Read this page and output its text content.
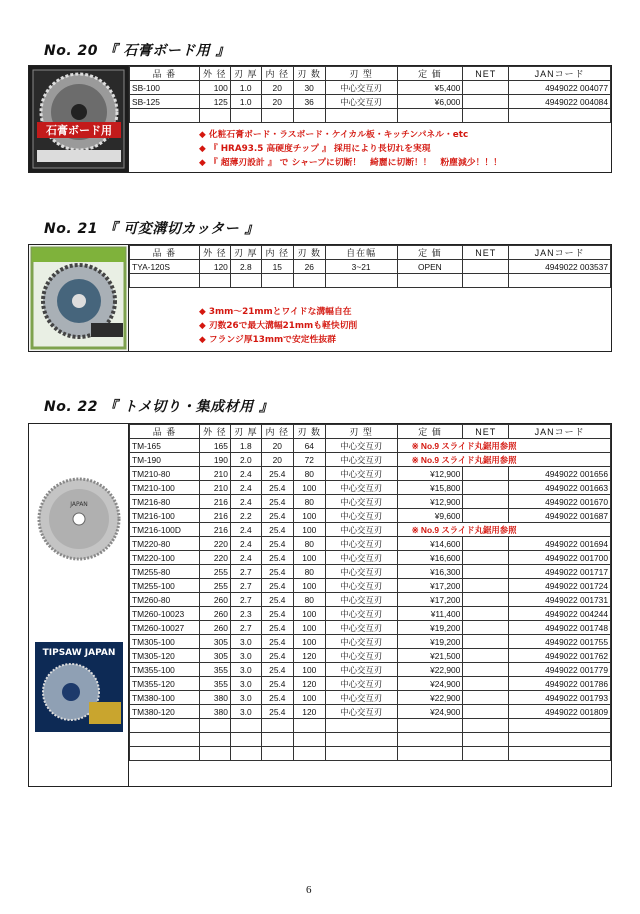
No. 20 『 石膏ボード用 』
石膏ボード用
品 番	外 径	刃 厚	内 径	刃 数	刃 型	定 価	NET	JANコード
SB-100	100	1.0	20	30	中心交互刃	¥5,400		4949022 004077
SB-125	125	1.0	20	36	中心交互刃	¥6,000		4949022 004084

◆ 化粧石膏ボード・ラスボード・ケイカル板・キッチンパネル・etc
◆ 『 HRA93.5 高硬度チップ 』 採用により長切れを実現
◆ 『 超薄刃設計 』 で シャープに切断！　綺麗に切断！！　粉塵減少！！！
No. 21 『 可変溝切カッター 』
品 番	外 径	刃 厚	内 径	刃 数	自在幅	定 価	NET	JANコード
TYA-120S	120	2.8	15	26	3~21	OPEN		4949022 003537

◆ 3mm～21mmとワイドな溝幅自在
◆ 刃数26で最大溝幅21mmも軽快切削
◆ フランジ厚13mmで安定性抜群
No. 22 『 トメ切り・集成材用 』
JAPAN
TIPSAW JAPAN
品 番	外 径	刃 厚	内 径	刃 数	刃 型	定 価	NET	JANコード
TM-165	165	1.8	20	64	中心交互刃	※ No.9 スライド丸鋸用参照		
TM-190	190	2.0	20	72	中心交互刃	※ No.9 スライド丸鋸用参照		
TM210-80	210	2.4	25.4	80	中心交互刃	¥12,900		4949022 001656
TM210-100	210	2.4	25.4	100	中心交互刃	¥15,800		4949022 001663
TM216-80	216	2.4	25.4	80	中心交互刃	¥12,900		4949022 001670
TM216-100	216	2.2	25.4	100	中心交互刃	¥9,600		4949022 001687
TM216-100D	216	2.4	25.4	100	中心交互刃	※ No.9 スライド丸鋸用参照		
TM220-80	220	2.4	25.4	80	中心交互刃	¥14,600		4949022 001694
TM220-100	220	2.4	25.4	100	中心交互刃	¥16,600		4949022 001700
TM255-80	255	2.7	25.4	80	中心交互刃	¥16,300		4949022 001717
TM255-100	255	2.7	25.4	100	中心交互刃	¥17,200		4949022 001724
TM260-80	260	2.7	25.4	80	中心交互刃	¥17,200		4949022 001731
TM260-10023	260	2.3	25.4	100	中心交互刃	¥11,400		4949022 004244
TM260-10027	260	2.7	25.4	100	中心交互刃	¥19,200		4949022 001748
TM305-100	305	3.0	25.4	100	中心交互刃	¥19,200		4949022 001755
TM305-120	305	3.0	25.4	120	中心交互刃	¥21,500		4949022 001762
TM355-100	355	3.0	25.4	100	中心交互刃	¥22,900		4949022 001779
TM355-120	355	3.0	25.4	120	中心交互刃	¥24,900		4949022 001786
TM380-100	380	3.0	25.4	100	中心交互刃	¥22,900		4949022 001793
TM380-120	380	3.0	25.4	120	中心交互刃	¥24,900		4949022 001809

6
